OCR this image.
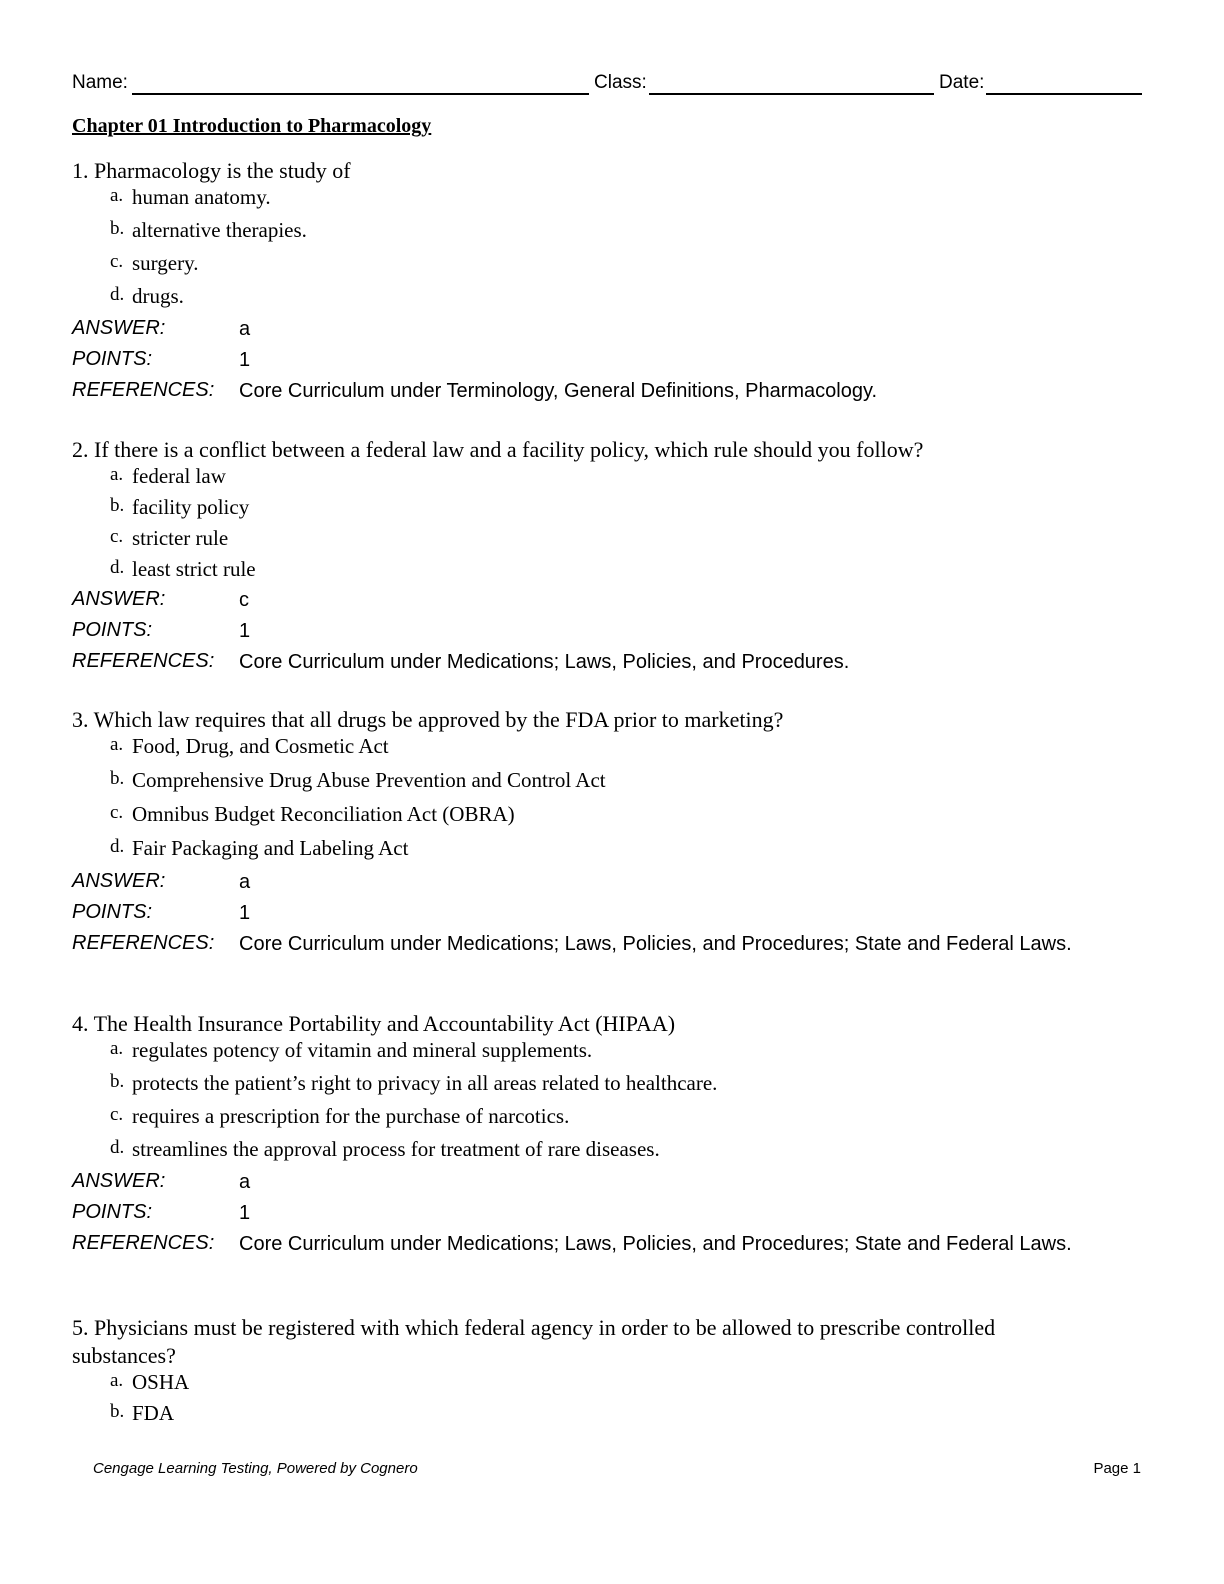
Name:	Class:	Date:
Chapter 01 Introduction to Pharmacology
1. Pharmacology is the study of
a. human anatomy.
b. alternative therapies.
c. surgery.
d. drugs.
ANSWER:	a
POINTS:	1
REFERENCES: Core Curriculum under Terminology, General Definitions, Pharmacology.
2. If there is a conflict between a federal law and a facility policy, which rule should you follow?
a. federal law
b. facility policy
c. stricter rule
d. least strict rule
ANSWER:	c
POINTS:	1
REFERENCES: Core Curriculum under Medications; Laws, Policies, and Procedures.
3. Which law requires that all drugs be approved by the FDA prior to marketing?
a. Food, Drug, and Cosmetic Act
b. Comprehensive Drug Abuse Prevention and Control Act
c. Omnibus Budget Reconciliation Act (OBRA)
d. Fair Packaging and Labeling Act
ANSWER:	a
POINTS:	1
REFERENCES: Core Curriculum under Medications; Laws, Policies, and Procedures; State and Federal Laws.
4. The Health Insurance Portability and Accountability Act (HIPAA)
a. regulates potency of vitamin and mineral supplements.
b. protects the patient’s right to privacy in all areas related to healthcare.
c. requires a prescription for the purchase of narcotics.
d. streamlines the approval process for treatment of rare diseases.
ANSWER:	a
POINTS:	1
REFERENCES: Core Curriculum under Medications; Laws, Policies, and Procedures; State and Federal Laws.
5. Physicians must be registered with which federal agency in order to be allowed to prescribe controlled substances?
a. OSHA
b. FDA
Cengage Learning Testing, Powered by Cognero	Page 1
